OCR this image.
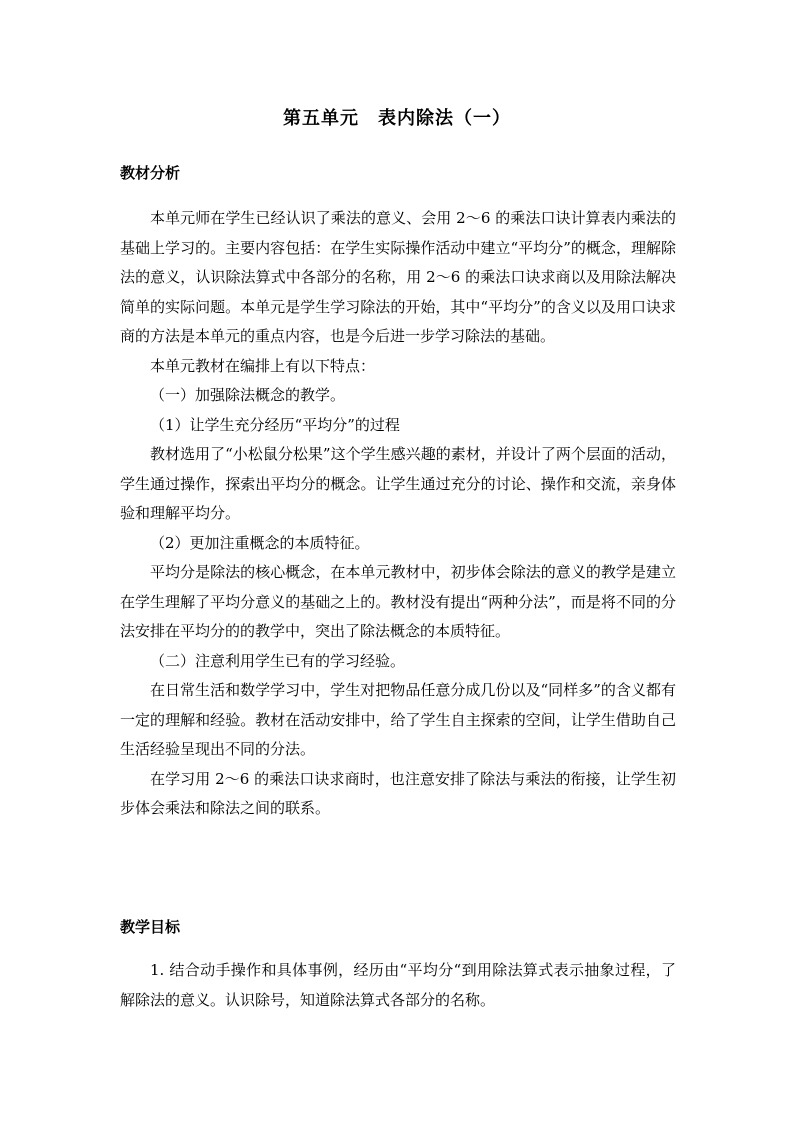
第五单元　表内除法（一）
教材分析

本单元师在学生已经认识了乘法的意义、会用 2～6 的乘法口诀计算表内乘法的基础上学习的。主要内容包括：在学生实际操作活动中建立“平均分”的概念，理解除法的意义，认识除法算式中各部分的名称，用 2～6 的乘法口诀求商以及用除法解决简单的实际问题。本单元是学生学习除法的开始，其中“平均分”的含义以及用口诀求商的方法是本单元的重点内容，也是今后进一步学习除法的基础。

本单元教材在编排上有以下特点：

（一）加强除法概念的教学。

（1）让学生充分经历“平均分”的过程

教材选用了“小松鼠分松果”这个学生感兴趣的素材，并设计了两个层面的活动，学生通过操作，探索出平均分的概念。让学生通过充分的讨论、操作和交流，亲身体验和理解平均分。

（2）更加注重概念的本质特征。

平均分是除法的核心概念，在本单元教材中，初步体会除法的意义的教学是建立在学生理解了平均分意义的基础之上的。教材没有提出“两种分法”，而是将不同的分法安排在平均分的的教学中，突出了除法概念的本质特征。

（二）注意利用学生已有的学习经验。

在日常生活和数学学习中，学生对把物品任意分成几份以及“同样多”的含义都有一定的理解和经验。教材在活动安排中，给了学生自主探索的空间，让学生借助自己生活经验呈现出不同的分法。

在学习用 2～6 的乘法口诀求商时，也注意安排了除法与乘法的衔接，让学生初步体会乘法和除法之间的联系。

教学目标

1. 结合动手操作和具体事例，经历由“平均分“到用除法算式表示抽象过程，了解除法的意义。认识除号，知道除法算式各部分的名称。
